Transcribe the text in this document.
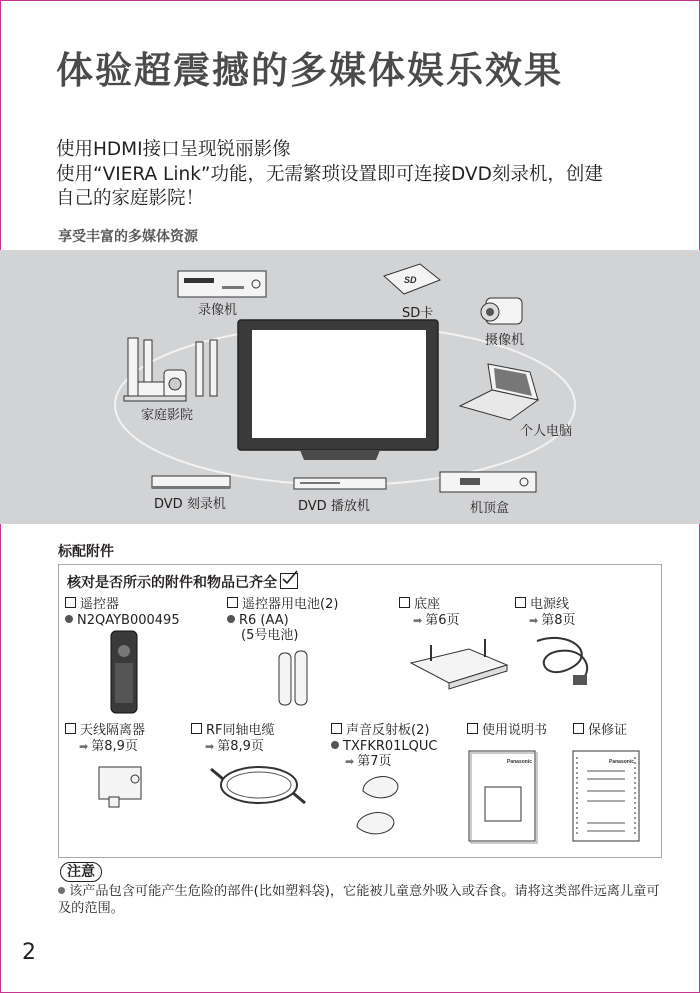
体验超震撼的多媒体娱乐效果
使用HDMI接口呈现锐丽影像
使用“VIERA Link”功能，无需繁琐设置即可连接DVD刻录机，创建
自己的家庭影院！
享受丰富的多媒体资源
SD
录像机	SD卡
摄像机
家庭影院
个人电脑
DVD 刻录机	DVD 播放机	机顶盒
标配附件
核对是否所示的附件和物品已齐全
遥控器
N2QAYB000495
遥控器用电池(2)
R6 (AA)
(5号电池)
底座
➡ 第6页
电源线
➡ 第8页
天线隔离器
➡ 第8,9页
RF同轴电缆
➡ 第8,9页
声音反射板(2)
TXFKR01LQUC
➡ 第7页
使用说明书	保修证
Panasonic	Panasonic
注意
该产品包含可能产生危险的部件(比如塑料袋)，它能被儿童意外吸入或吞食。请将这类部件远离儿童可及的范围。
2
